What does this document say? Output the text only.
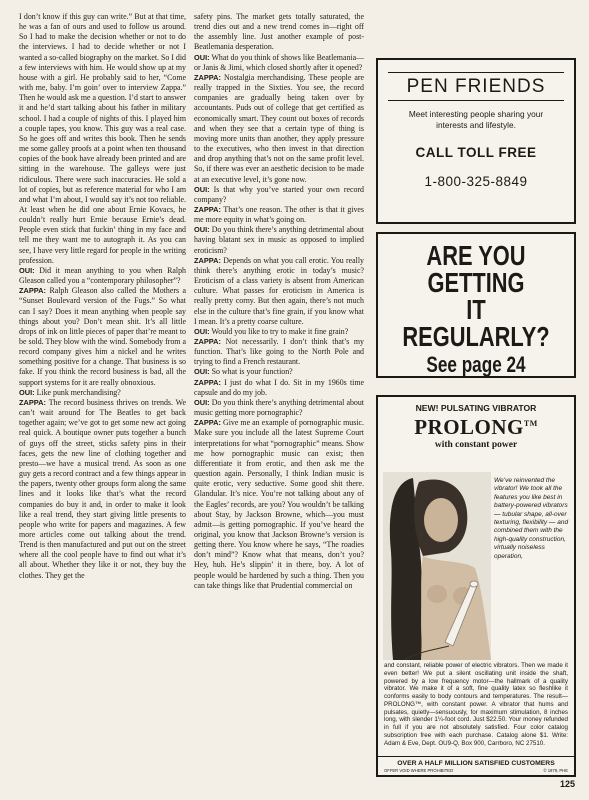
I don’t know if this guy can write.” But at that time, he was a fan of ours and used to follow us around. So I had to make the decision whether or not to do the interviews. I had to decide whether or not I wanted a so-called biography on the market. So I did a few interviews with him. He would show up at my house with a girl. He probably said to her, “Come with me, baby. I’m goin’ over to interview Zappa.” Then he would ask me a question. I’d start to answer it and he’d start talking about his father in military school. I had a couple of nights of this. I played him a couple tapes, you know. This guy was a real case. So he goes off and writes this book. Then he sends me some galley proofs at a point when ten thousand copies of the book have already been printed and are sitting in the warehouse. The galleys were just ridiculous. There were such inaccuracies. He sold a lot of copies, but as reference material for who I am and what I’m about, I would say it’s not too reliable. At least when he did one about Ernie Kovacs, he couldn’t really hurt Ernie because Ernie’s dead. People even stick that fuckin’ thing in my face and tell me they want me to autograph it. As you can see, I have very little regard for people in the writing profession.

OUI: Did it mean anything to you when Ralph Gleason called you a “contemporary philosopher”?

ZAPPA: Ralph Gleason also called the Mothers a “Sunset Boulevard version of the Fugs.” So what can I say? Does it mean anything when people say things about you? Don’t mean shit. It’s all little drops of ink on little pieces of paper that’re meant to be sold. They blow with the wind. Somebody from a record company gives him a nickel and he writes something positive for a change. That business is so fake. If you think the record business is bad, all the support systems for it are really obnoxious.

OUI: Like punk merchandising?

ZAPPA: The record business thrives on trends. We can’t wait around for The Beatles to get back together again; we’ve got to get some new act going real quick. A boutique owner puts together a bunch of guys off the street, sticks safety pins in their faces, gets the new line of clothing together and presto—we have a musical trend. As soon as one guy gets a record contract and a few things appear in the papers, twenty other groups form along the same lines and it looks like that’s what the record companies do buy it and, in order to make it look like a real trend, they start giving little presents to people who write for papers and magazines. A few more articles come out talking about the trend. Trend is then manufactured and put out on the street where all the cool people have to find out what it’s all about. Whether they like it or not, they buy the clothes. They get the

safety pins. The market gets totally saturated, the trend dies out and a new trend comes in—right off the assembly line. Just another example of post-Beatlemania desperation.

OUI: What do you think of shows like Beatlemania—or Janis & Jimi, which closed shortly after it opened?

ZAPPA: Nostalgia merchandising. These people are really trapped in the Sixties. You see, the record companies are gradually being taken over by accountants. Puds out of college that get certified as economically smart. They count out boxes of records and when they see that a certain type of thing is moving more units than another, they apply pressure to the executives, who then invest in that direction and drop anything that’s not on the same profit level. So, if there was ever an aesthetic decision to be made at an executive level, it’s gone now.

OUI: Is that why you’ve started your own record company?

ZAPPA: That’s one reason. The other is that it gives me more equity in what’s going on.

OUI: Do you think there’s anything detrimental about having blatant sex in music as opposed to implied eroticism?

ZAPPA: Depends on what you call erotic. You really think there’s anything erotic in today’s music? Eroticism of a class variety is absent from American culture. What passes for eroticism in America is really pretty corny. But then again, there’s not much else in the culture that’s fine grain, if you know what I mean. It’s a pretty coarse culture.

OUI: Would you like to try to make it fine grain?

ZAPPA: Not necessarily. I don’t think that’s my function. That’s like going to the North Pole and trying to find a French restaurant.

OUI: So what is your function?

ZAPPA: I just do what I do. Sit in my 1960s time capsule and do my job.

OUI: Do you think there’s anything detrimental about music getting more pornographic?

ZAPPA: Give me an example of pornographic music. Make sure you include all the latest Supreme Court interpretations for what “pornographic” means. Show me how pornographic music can exist; then differentiate it from erotic, and then ask me the question again. Personally, I think Indian music is quite erotic, very seductive. Some good shit there. Glandular. It’s nice. You’re not talking about any of the Eagles’ records, are you? You wouldn’t be talking about Stay, by Jackson Browne, which—you must admit—is getting pornographic. If you’ve heard the original, you know that Jackson Browne’s version is getting there. You know where he says, “The roadies don’t mind”? Know what that means, don’t you? Hey, huh. He’s slippin’ it in there, boy. A lot of people would be hardened by such a thing. Then you can take things like that Prudential commercial on

PEN FRIENDS
Meet interesting people sharing your interests and lifestyle.
CALL TOLL FREE
1-800-325-8849
ARE YOU
GETTING
IT REGULARLY?
See page 24
NEW! PULSATING VIBRATOR
PROLONG™
with constant power
We’ve reinvented the vibrator! We took all the features you like best in battery-powered vibrators — tubular shape, all-over texturing, flexibility — and combined them with the high-quality construction, virtually noiseless operation,
and constant, reliable power of electric vibrators. Then we made it even better! We put a silent oscillating unit inside the shaft, powered by a low frequency motor—the hallmark of a quality vibrator. We make it of a soft, fine quality latex so fleshlike it conforms easily to body contours and temperatures. The result—PROLONG™, with constant power. A vibrator that hums and pulsates, quietly—sensuously, for maximum stimulation, 8 inches long, with slender 1¼-foot cord. Just $22.50. Your money refunded in full if you are not absolutely satisfied. Four color catalog subscription free with each purchase. Catalog alone $1. Write: Adam & Eve, Dept. OU9-Q, Box 900, Carrboro, NC 27510.
OVER A HALF MILLION SATISFIED CUSTOMERS
OFFER VOID WHERE PROHIBITED	© 1979, PHE
125
